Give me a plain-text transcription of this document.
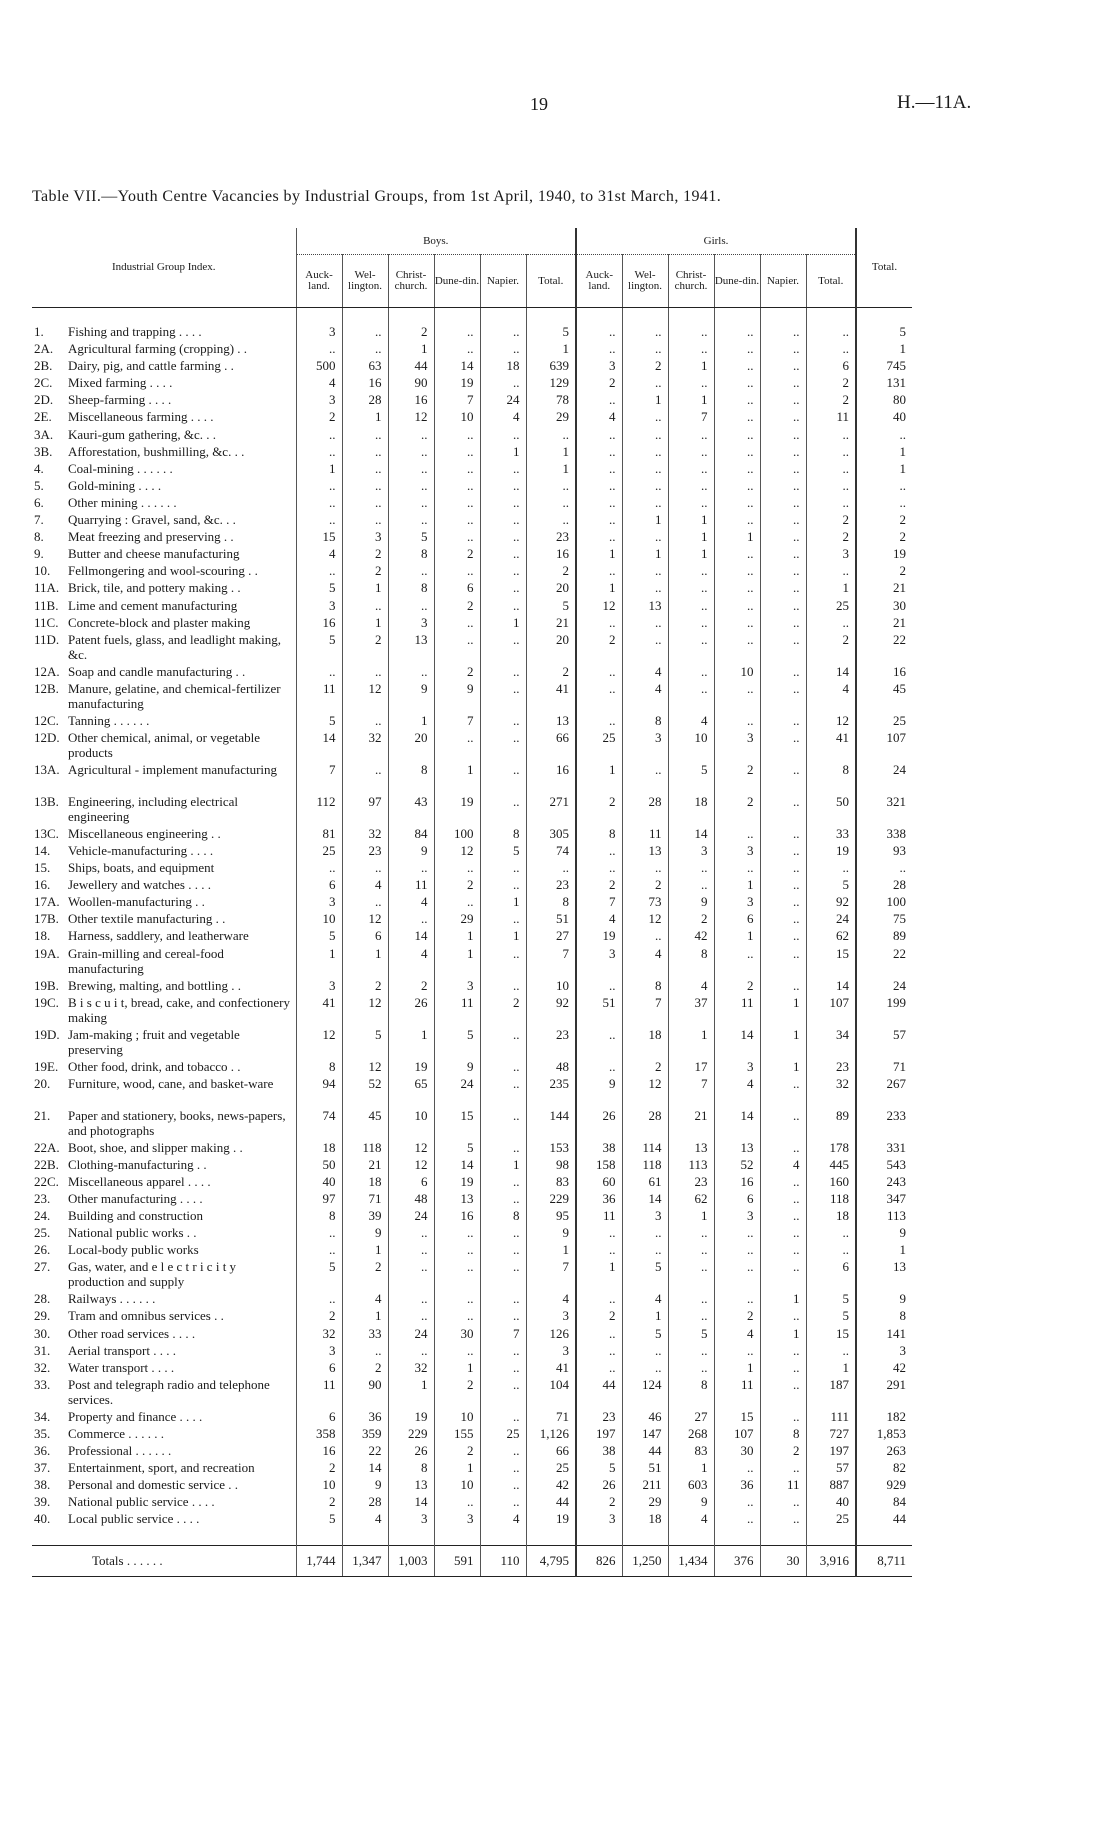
19	H.—11A.
Table VII.—Youth Centre Vacancies by Industrial Groups, from 1st April, 1940, to 31st March, 1941.
Industrial Group Index.		Boys.						Girls.						Total.
		Auck-land.	Wel-lington.	Christ-church.	Dune-din.	Napier.	Total.	Auck-land.	Wel-lington.	Christ-church.	Dune-din.	Napier.	Total.	

1.	Fishing and trapping . . . .	3	..	2	..	..	5	..	..	..	..	..	..	5
2A.	Agricultural farming (cropping) . .	..	..	1	..	..	1	..	..	..	..	..	..	1
2B.	Dairy, pig, and cattle farming . .	500	63	44	14	18	639	3	2	1	..	..	6	745
2C.	Mixed farming . . . .	4	16	90	19	..	129	2	..	..	..	..	2	131
2D.	Sheep-farming . . . .	3	28	16	7	24	78	..	1	1	..	..	2	80
2E.	Miscellaneous farming . . . .	2	1	12	10	4	29	4	..	7	..	..	11	40
3A.	Kauri-gum gathering, &c. . .	..	..	..	..	..	..	..	..	..	..	..	..	..
3B.	Afforestation, bushmilling, &c. . .	..	..	..	..	1	1	..	..	..	..	..	..	1
4.	Coal-mining . . . . . .	1	..	..	..	..	1	..	..	..	..	..	..	1
5.	Gold-mining . . . .	..	..	..	..	..	..	..	..	..	..	..	..	..
6.	Other mining . . . . . .	..	..	..	..	..	..	..	..	..	..	..	..	..
7.	Quarrying : Gravel, sand, &c. . .	..	..	..	..	..	..	..	1	1	..	..	2	2
8.	Meat freezing and preserving . .	15	3	5	..	..	23	..	..	1	1	..	2	2
9.	Butter and cheese manufacturing	4	2	8	2	..	16	1	1	1	..	..	3	19
10.	Fellmongering and wool-scouring . .	..	2	..	..	..	2	..	..	..	..	..	..	2
11A.	Brick, tile, and pottery making . .	5	1	8	6	..	20	1	..	..	..	..	1	21
11B.	Lime and cement manufacturing	3	..	..	2	..	5	12	13	..	..	..	25	30
11C.	Concrete-block and plaster making	16	1	3	..	1	21	..	..	..	..	..	..	21
11D.	Patent fuels, glass, and leadlight making, &c.	5	2	13	..	..	20	2	..	..	..	..	2	22
12A.	Soap and candle manufacturing . .	..	..	..	2	..	2	..	4	..	10	..	14	16
12B.	Manure, gelatine, and chemical-fertilizer manufacturing	11	12	9	9	..	41	..	4	..	..	..	4	45
12C.	Tanning . . . . . .	5	..	1	7	..	13	..	8	4	..	..	12	25
12D.	Other chemical, animal, or vegetable products	14	32	20	..	..	66	25	3	10	3	..	41	107
13A.	Agricultural - implement manufacturing	7	..	8	1	..	16	1	..	5	2	..	8	24
13B.	Engineering, including electrical engineering	112	97	43	19	..	271	2	28	18	2	..	50	321
13C.	Miscellaneous engineering . .	81	32	84	100	8	305	8	11	14	..	..	33	338
14.	Vehicle-manufacturing . . . .	25	23	9	12	5	74	..	13	3	3	..	19	93
15.	Ships, boats, and equipment	..	..	..	..	..	..	..	..	..	..	..	..	..
16.	Jewellery and watches . . . .	6	4	11	2	..	23	2	2	..	1	..	5	28
17A.	Woollen-manufacturing . .	3	..	4	..	1	8	7	73	9	3	..	92	100
17B.	Other textile manufacturing . .	10	12	..	29	..	51	4	12	2	6	..	24	75
18.	Harness, saddlery, and leatherware	5	6	14	1	1	27	19	..	42	1	..	62	89
19A.	Grain-milling and cereal-food manufacturing	1	1	4	1	..	7	3	4	8	..	..	15	22
19B.	Brewing, malting, and bottling . .	3	2	2	3	..	10	..	8	4	2	..	14	24
19C.	B i s c u i t, bread, cake, and confectionery making	41	12	26	11	2	92	51	7	37	11	1	107	199
19D.	Jam-making ; fruit and vegetable preserving	12	5	1	5	..	23	..	18	1	14	1	34	57
19E.	Other food, drink, and tobacco . .	8	12	19	9	..	48	..	2	17	3	1	23	71
20.	Furniture, wood, cane, and basket-ware	94	52	65	24	..	235	9	12	7	4	..	32	267
21.	Paper and stationery, books, news-papers, and photographs	74	45	10	15	..	144	26	28	21	14	..	89	233
22A.	Boot, shoe, and slipper making . .	18	118	12	5	..	153	38	114	13	13	..	178	331
22B.	Clothing-manufacturing . .	50	21	12	14	1	98	158	118	113	52	4	445	543
22C.	Miscellaneous apparel . . . .	40	18	6	19	..	83	60	61	23	16	..	160	243
23.	Other manufacturing . . . .	97	71	48	13	..	229	36	14	62	6	..	118	347
24.	Building and construction	8	39	24	16	8	95	11	3	1	3	..	18	113
25.	National public works . .	..	9	..	..	..	9	..	..	..	..	..	..	9
26.	Local-body public works	..	1	..	..	..	1	..	..	..	..	..	..	1
27.	Gas, water, and e l e c t r i c i t y production and supply	5	2	..	..	..	7	1	5	..	..	..	6	13
28.	Railways . . . . . .	..	4	..	..	..	4	..	4	..	..	1	5	9
29.	Tram and omnibus services . .	2	1	..	..	..	3	2	1	..	2	..	5	8
30.	Other road services . . . .	32	33	24	30	7	126	..	5	5	4	1	15	141
31.	Aerial transport . . . .	3	..	..	..	..	3	..	..	..	..	..	..	3
32.	Water transport . . . .	6	2	32	1	..	41	..	..	..	1	..	1	42
33.	Post and telegraph radio and telephone services.	11	90	1	2	..	104	44	124	8	11	..	187	291
34.	Property and finance . . . .	6	36	19	10	..	71	23	46	27	15	..	111	182
35.	Commerce . . . . . .	358	359	229	155	25	1,126	197	147	268	107	8	727	1,853
36.	Professional . . . . . .	16	22	26	2	..	66	38	44	83	30	2	197	263
37.	Entertainment, sport, and recreation	2	14	8	1	..	25	5	51	1	..	..	57	82
38.	Personal and domestic service . .	10	9	13	10	..	42	26	211	603	36	11	887	929
39.	National public service . . . .	2	28	14	..	..	44	2	29	9	..	..	40	84
40.	Local public service . . . .	5	4	3	3	4	19	3	18	4	..	..	25	44

Totals . . . . . .		1,744	1,347	1,003	591	110	4,795	826	1,250	1,434	376	30	3,916	8,711
